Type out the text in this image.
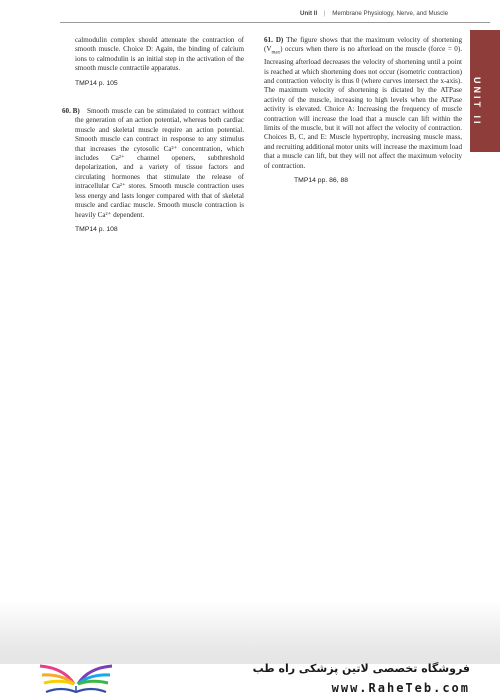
Unit II | Membrane Physiology, Nerve, and Muscle
UNIT II

calmodulin complex should attenuate the contraction of smooth muscle. Choice D: Again, the binding of calcium ions to calmodulin is an initial step in the activation of the smooth muscle contractile apparatus.

TMP14 p. 105

60. B) Smooth muscle can be stimulated to contract without the generation of an action potential, whereas both cardiac muscle and skeletal muscle require an action potential. Smooth muscle can contract in response to any stimulus that increases the cytosolic Ca²⁺ concentration, which includes Ca²⁺ channel openers, subthreshold depolarization, and a variety of tissue factors and circulating hormones that stimulate the release of intracellular Ca²⁺ stores. Smooth muscle contraction uses less energy and lasts longer compared with that of skeletal muscle and cardiac muscle. Smooth muscle contraction is heavily Ca²⁺ dependent.

TMP14 p. 108

61. D) The figure shows that the maximum velocity of shortening $(V_{max})$ occurs when there is no afterload on the muscle (force = 0). Increasing afterload decreases the velocity of shortening until a point is reached at which shortening does not occur (isometric contraction) and contraction velocity is thus 0 (where curves intersect the x-axis). The maximum velocity of shortening is dictated by the ATPase activity of the muscle, increasing to high levels when the ATPase activity is elevated. Choice A: Increasing the frequency of muscle contraction will increase the load that a muscle can lift within the limits of the muscle, but it will not affect the velocity of contraction. Choices B, C, and E: Muscle hypertrophy, increasing muscle mass, and recruiting additional motor units will increase the maximum load that a muscle can lift, but they will not affect the maximum velocity of contraction.

TMP14 pp. 86, 88
فروشگاه تخصصی لاتین پزشکی راه طب
www.RaheTeb.com
